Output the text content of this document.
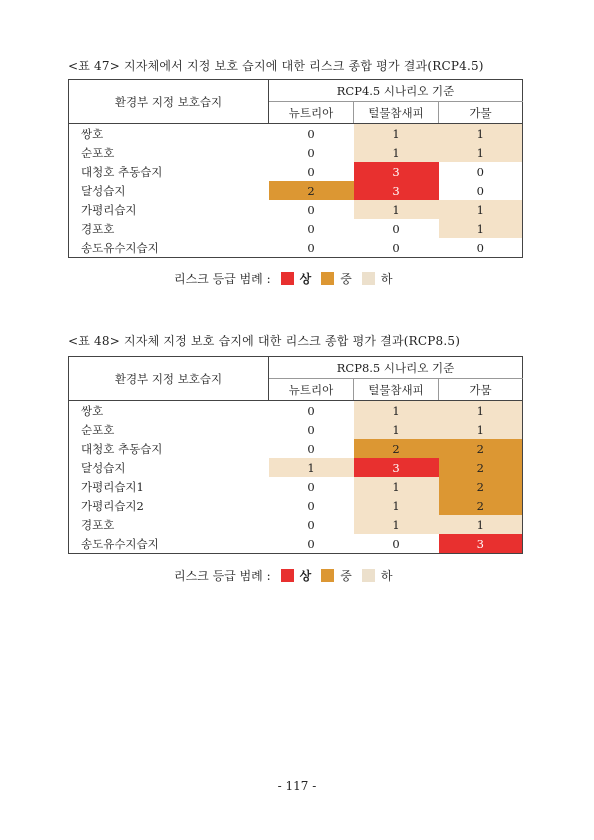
<표 47> 지자체에서 지정 보호 습지에 대한 리스크 종합 평가 결과(RCP4.5)
환경부 지정 보호습지	RCP4.5 시나리오 기준		
	뉴트리아	털물참새피	가물
쌍호	0	1	1
순포호	0	1	1
대청호 추동습지	0	3	0
달성습지	2	3	0
가평리습지	0	1	1
경포호	0	0	1
송도유수지습지	0	0	0
리스크 등급 범례 : 상 중 하
<표 48> 지자체 지정 보호 습지에 대한 리스크 종합 평가 결과(RCP8.5)
환경부 지정 보호습지	RCP8.5 시나리오 기준		
	뉴트리아	털물참새피	가뭄
쌍호	0	1	1
순포호	0	1	1
대청호 추동습지	0	2	2
달성습지	1	3	2
가평리습지1	0	1	2
가평리습지2	0	1	2
경포호	0	1	1
송도유수지습지	0	0	3
리스크 등급 범례 : 상 중 하
- 117 -
